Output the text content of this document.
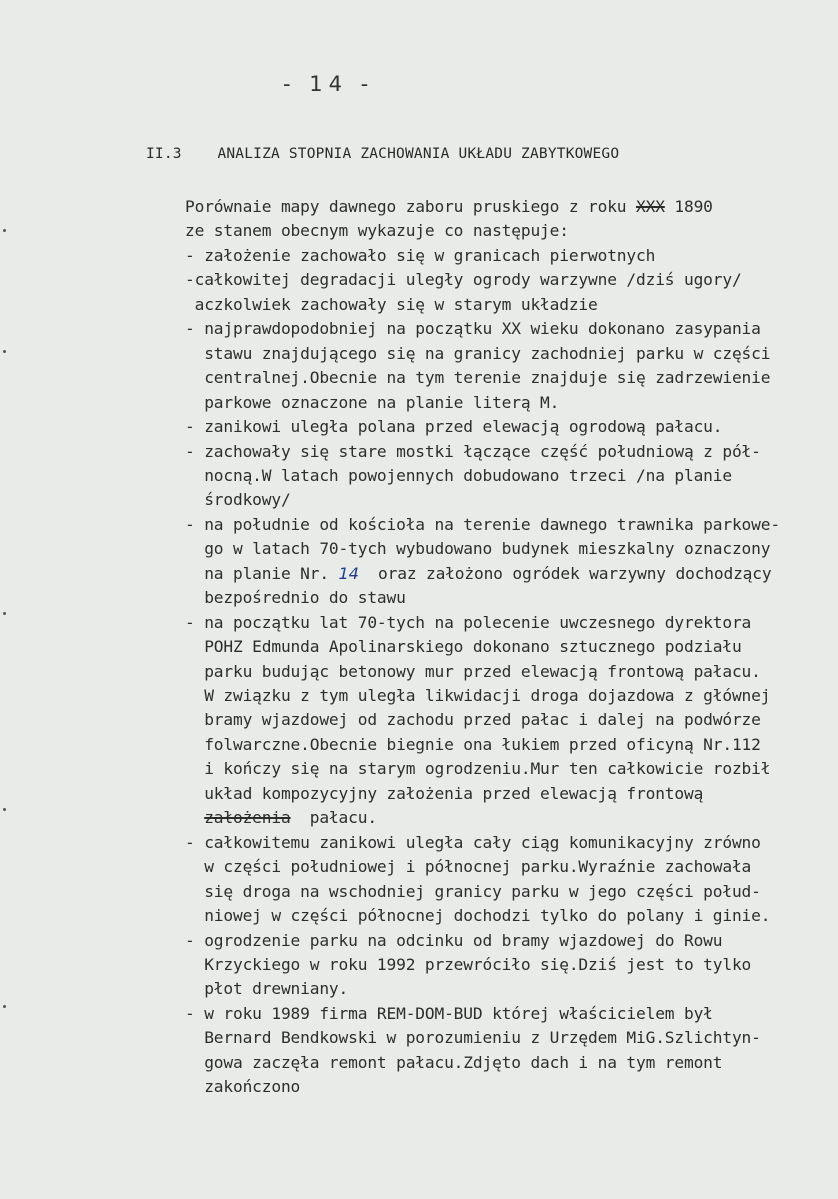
- 14 -
II.3    ANALIZA STOPNIA ZACHOWANIA UKŁADU ZABYTKOWEGO
Porównaie mapy dawnego zaboru pruskiego z roku XXX 1890
ze stanem obecnym wykazuje co następuje:
- założenie zachowało się w granicach pierwotnych
-całkowitej degradacji uległy ogrody warzywne /dziś ugory/
aczkolwiek zachowały się w starym układzie
- najprawdopodobniej na początku XX wieku dokonano zasypania
stawu znajdującego się na granicy zachodniej parku w części
centralnej.Obecnie na tym terenie znajduje się zadrzewienie
parkowe oznaczone na planie literą M.
- zanikowi uległa polana przed elewacją ogrodową pałacu.
- zachowały się stare mostki łączące część południową z pół-
nocną.W latach powojennych dobudowano trzeci /na planie
środkowy/
- na południe od kościoła na terenie dawnego trawnika parkowe-
go w latach 70-tych wybudowano budynek mieszkalny oznaczony
na planie Nr. 14  oraz założono ogródek warzywny dochodzący
bezpośrednio do stawu
- na początku lat 70-tych na polecenie uwczesnego dyrektora
POHZ Edmunda Apolinarskiego dokonano sztucznego podziału
parku budując betonowy mur przed elewacją frontową pałacu.
W związku z tym uległa likwidacji droga dojazdowa z głównej
bramy wjazdowej od zachodu przed pałac i dalej na podwórze
folwarczne.Obecnie biegnie ona łukiem przed oficyną Nr.112
i kończy się na starym ogrodzeniu.Mur ten całkowicie rozbił
układ kompozycyjny założenia przed elewacją frontową
założenia  pałacu.
- całkowitemu zanikowi uległa cały ciąg komunikacyjny zrówno
w części południowej i północnej parku.Wyraźnie zachowała
się droga na wschodniej granicy parku w jego części połud-
niowej w części północnej dochodzi tylko do polany i ginie.
- ogrodzenie parku na odcinku od bramy wjazdowej do Rowu
Krzyckiego w roku 1992 przewróciło się.Dziś jest to tylko
płot drewniany.
- w roku 1989 firma REM-DOM-BUD której właścicielem był
Bernard Bendkowski w porozumieniu z Urzędem MiG.Szlichtyn-
gowa zaczęła remont pałacu.Zdjęto dach i na tym remont
zakończono
